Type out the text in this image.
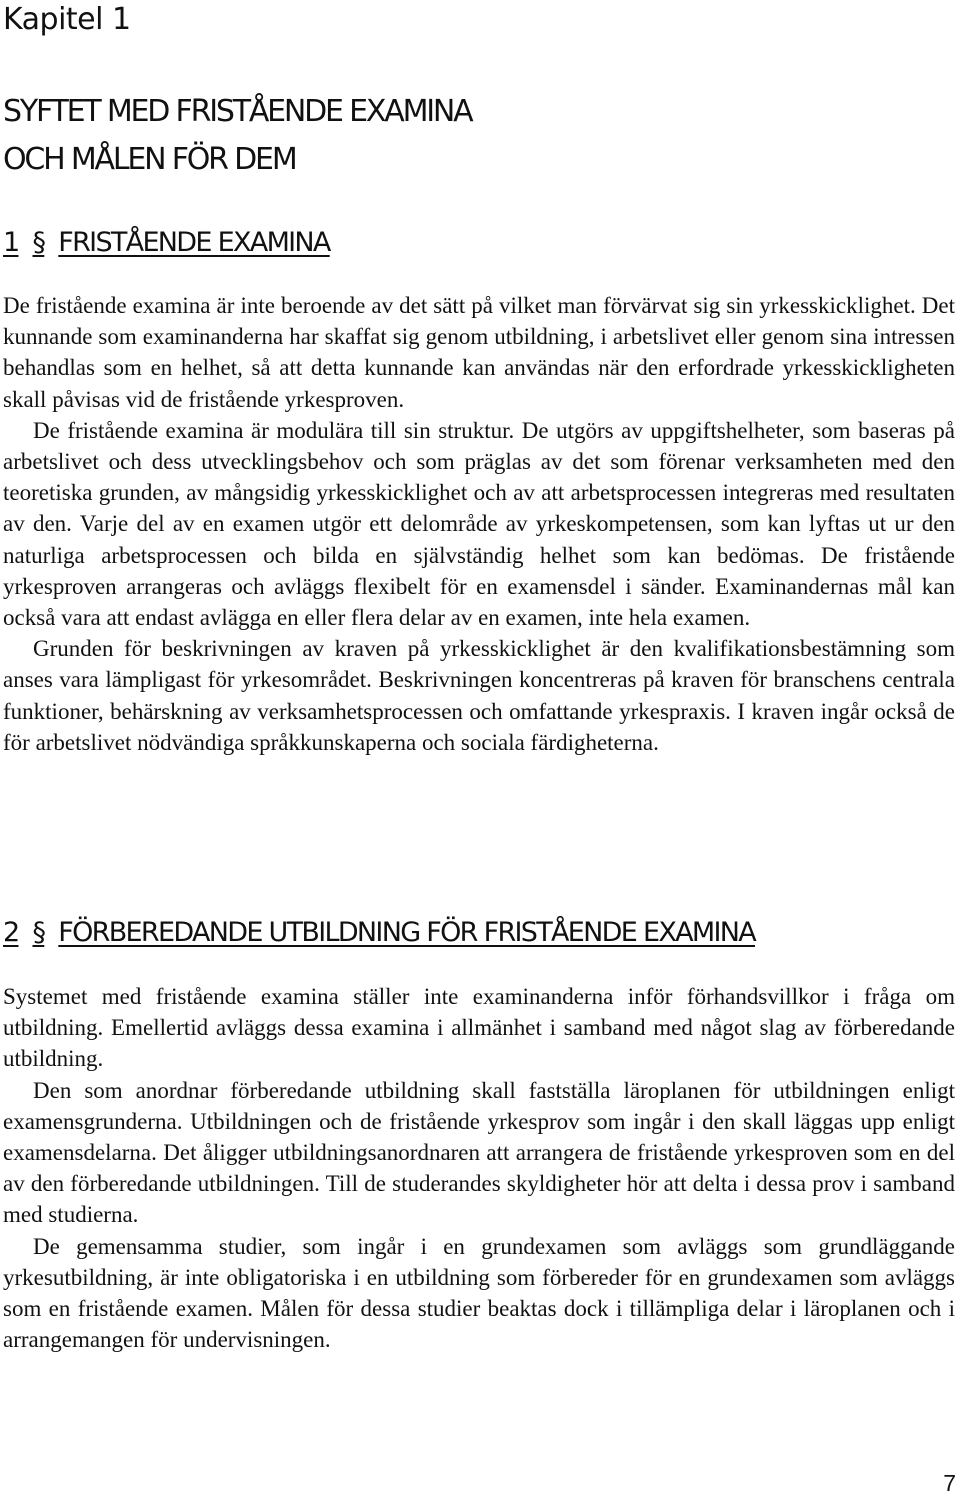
Kapitel 1
SYFTET MED FRISTÅENDE EXAMINA
OCH MÅLEN FÖR DEM
1 § FRISTÅENDE EXAMINA

De fristående examina är inte beroende av det sätt på vilket man förvärvat sig sin yrkesskicklighet. Det kunnande som examinanderna har skaffat sig genom utbildning, i arbetslivet eller genom sina intressen behandlas som en helhet, så att detta kunnande kan användas när den erfordrade yrkesskickligheten skall påvisas vid de fristående yrkesproven.

De fristående examina är modulära till sin struktur. De utgörs av uppgiftshelheter, som baseras på arbetslivet och dess utvecklingsbehov och som präglas av det som förenar verksamheten med den teoretiska grunden, av mångsidig yrkesskicklighet och av att arbetsprocessen integreras med resultaten av den. Varje del av en examen utgör ett delområde av yrkeskompetensen, som kan lyftas ut ur den naturliga arbetsprocessen och bilda en självständig helhet som kan bedömas. De fristående yrkesproven arrangeras och avläggs flexibelt för en examensdel i sänder. Examinandernas mål kan också vara att endast avlägga en eller flera delar av en examen, inte hela examen.

Grunden för beskrivningen av kraven på yrkesskicklighet är den kvalifikationsbestämning som anses vara lämpligast för yrkesområdet. Beskrivningen koncentreras på kraven för branschens centrala funktioner, behärskning av verksamhetsprocessen och omfattande yrkespraxis. I kraven ingår också de för arbetslivet nödvändiga språkkunskaperna och sociala färdigheterna.

2 § FÖRBEREDANDE UTBILDNING FÖR FRISTÅENDE EXAMINA

Systemet med fristående examina ställer inte examinanderna inför förhandsvillkor i fråga om utbildning. Emellertid avläggs dessa examina i allmänhet i samband med något slag av förberedande utbildning.

Den som anordnar förberedande utbildning skall fastställa läroplanen för utbildningen enligt examensgrunderna. Utbildningen och de fristående yrkesprov som ingår i den skall läggas upp enligt examensdelarna. Det åligger utbildningsanordnaren att arrangera de fristående yrkesproven som en del av den förberedande utbildningen. Till de studerandes skyldigheter hör att delta i dessa prov i samband med studierna.

De gemensamma studier, som ingår i en grundexamen som avläggs som grundläggande yrkesutbildning, är inte obligatoriska i en utbildning som förbereder för en grundexamen som avläggs som en fristående examen. Målen för dessa studier beaktas dock i tillämpliga delar i läroplanen och i arrangemangen för undervisningen.

7
